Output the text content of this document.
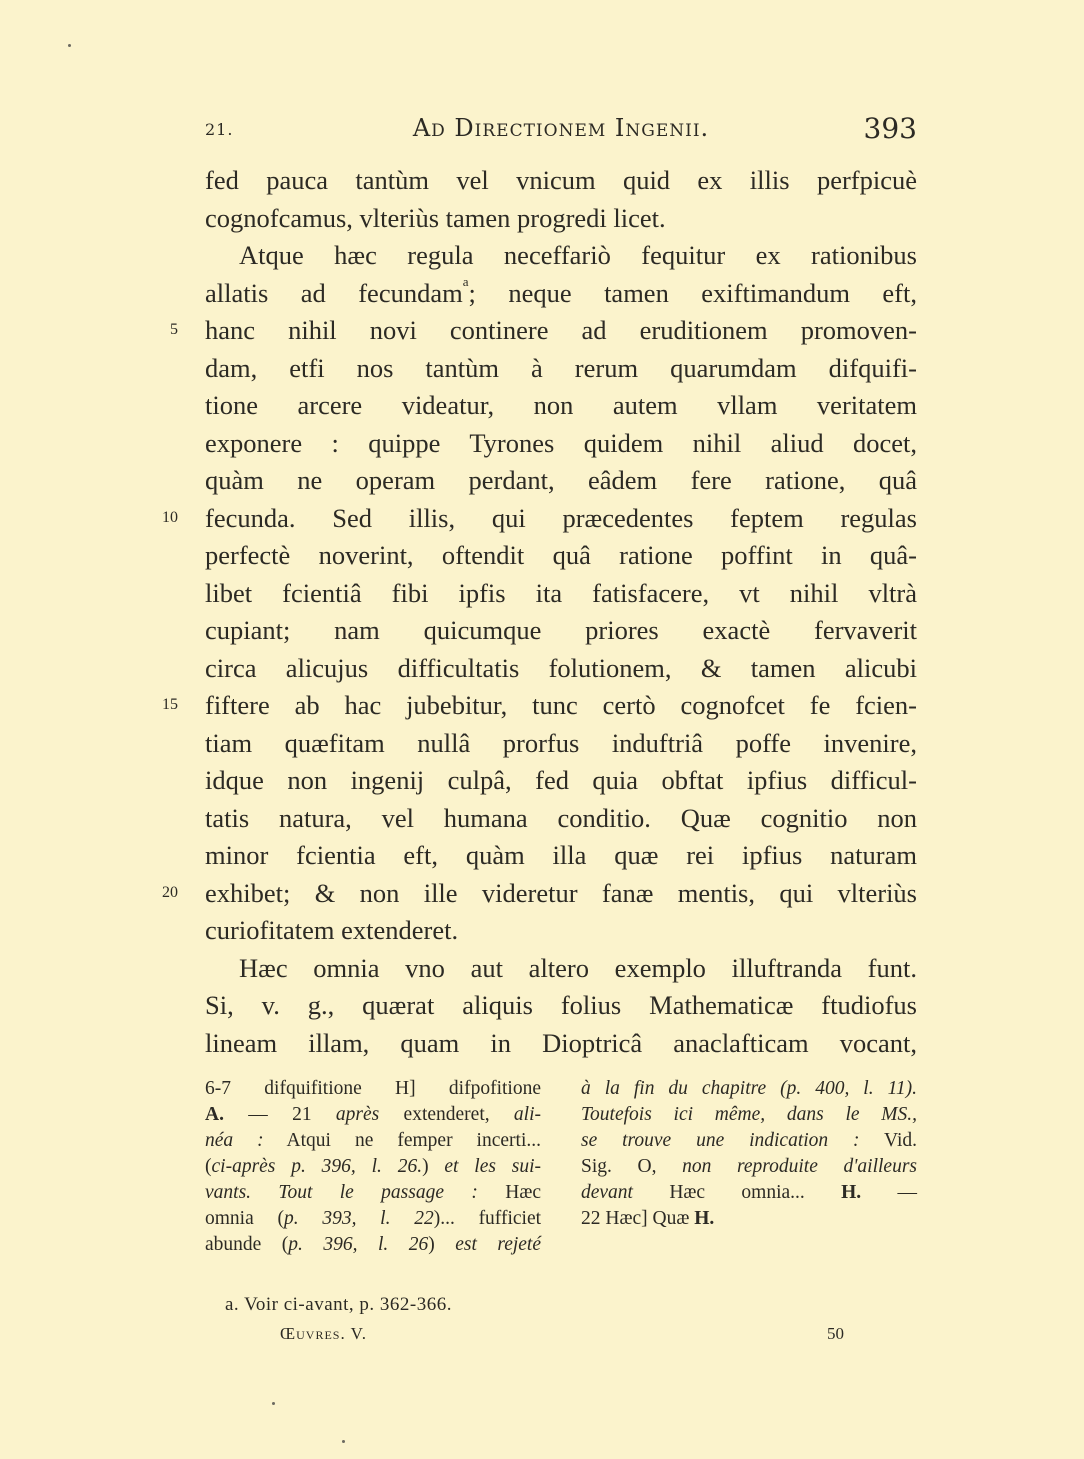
21.	Ad Directionem Ingenii.	393
fed pauca tantùm vel vnicum quid ex illis perfpicuè
cognofcamus, vlteriùs tamen progredi licet.
Atque hæc regula neceffariò fequitur ex rationibus
allatis ad fecundam$^a$; neque tamen exiftimandum eft,
hanc nihil novi continere ad eruditionem promoven-
dam, etfi nos tantùm à rerum quarumdam difquifi-
tione arcere videatur, non autem vllam veritatem
exponere : quippe Tyrones quidem nihil aliud docet,
quàm ne operam perdant, eâdem fere ratione, quâ
fecunda. Sed illis, qui præcedentes feptem regulas
perfectè noverint, oftendit quâ ratione poffint in quâ-
libet fcientiâ fibi ipfis ita fatisfacere, vt nihil vltrà
cupiant; nam quicumque priores exactè fervaverit
circa alicujus difficultatis folutionem, & tamen alicubi
fiftere ab hac jubebitur, tunc certò cognofcet fe fcien-
tiam quæfitam nullâ prorfus induftriâ poffe invenire,
idque non ingenij culpâ, fed quia obftat ipfius difficul-
tatis natura, vel humana conditio. Quæ cognitio non
minor fcientia eft, quàm illa quæ rei ipfius naturam
exhibet; & non ille videretur fanæ mentis, qui vlteriùs
curiofitatem extenderet.
Hæc omnia vno aut altero exemplo illuftranda funt.
Si, v. g., quærat aliquis folius Mathematicæ ftudiofus
lineam illam, quam in Dioptricâ anaclafticam vocant,
5
10
15
20
6-7 difquifitione H] difpofitione
A. — 21 après extenderet, ali-
néa : Atqui ne femper incerti...
(ci-après p. 396, l. 26.) et les sui-
vants. Tout le passage : Hæc
omnia (p. 393, l. 22)... fufficiet
abunde (p. 396, l. 26) est rejeté
à la fin du chapitre (p. 400, l. 11).
Toutefois ici même, dans le MS.,
se trouve une indication : Vid.
Sig. O, non reproduite d'ailleurs
devant Hæc omnia... H. —
22 Hæc] Quæ H.
a. Voir ci-avant, p. 362-366.
Œuvres. V.	50
